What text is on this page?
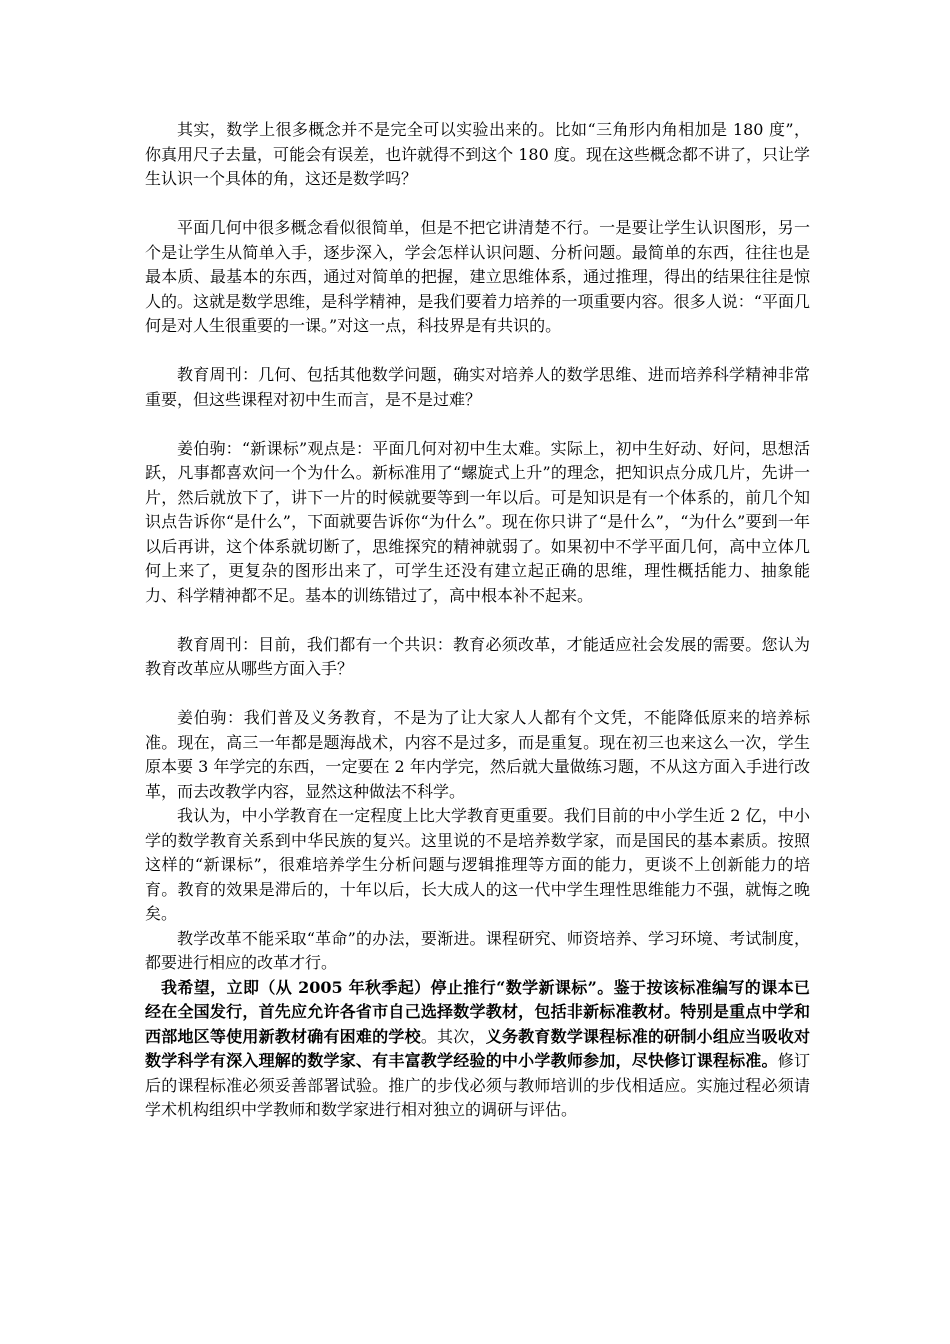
其实，数学上很多概念并不是完全可以实验出来的。比如“三角形内角相加是 180 度”，你真用尺子去量，可能会有误差，也许就得不到这个 180 度。现在这些概念都不讲了，只让学生认识一个具体的角，这还是数学吗？

平面几何中很多概念看似很简单，但是不把它讲清楚不行。一是要让学生认识图形，另一个是让学生从简单入手，逐步深入，学会怎样认识问题、分析问题。最简单的东西，往往也是最本质、最基本的东西，通过对简单的把握，建立思维体系，通过推理，得出的结果往往是惊人的。这就是数学思维，是科学精神，是我们要着力培养的一项重要内容。很多人说：“平面几何是对人生很重要的一课。”对这一点，科技界是有共识的。

教育周刊：几何、包括其他数学问题，确实对培养人的数学思维、进而培养科学精神非常重要，但这些课程对初中生而言，是不是过难？

姜伯驹：“新课标”观点是：平面几何对初中生太难。实际上，初中生好动、好问，思想活跃，凡事都喜欢问一个为什么。新标准用了“螺旋式上升”的理念，把知识点分成几片，先讲一片，然后就放下了，讲下一片的时候就要等到一年以后。可是知识是有一个体系的，前几个知识点告诉你“是什么”，下面就要告诉你“为什么”。现在你只讲了“是什么”，“为什么”要到一年以后再讲，这个体系就切断了，思维探究的精神就弱了。如果初中不学平面几何，高中立体几何上来了，更复杂的图形出来了，可学生还没有建立起正确的思维，理性概括能力、抽象能力、科学精神都不足。基本的训练错过了，高中根本补不起来。

教育周刊：目前，我们都有一个共识：教育必须改革，才能适应社会发展的需要。您认为教育改革应从哪些方面入手？

姜伯驹：我们普及义务教育，不是为了让大家人人都有个文凭，不能降低原来的培养标准。现在，高三一年都是题海战术，内容不是过多，而是重复。现在初三也来这么一次，学生原本要 3 年学完的东西，一定要在 2 年内学完，然后就大量做练习题，不从这方面入手进行改革，而去改教学内容，显然这种做法不科学。

我认为，中小学教育在一定程度上比大学教育更重要。我们目前的中小学生近 2 亿，中小学的数学教育关系到中华民族的复兴。这里说的不是培养数学家，而是国民的基本素质。按照这样的“新课标”，很难培养学生分析问题与逻辑推理等方面的能力，更谈不上创新能力的培育。教育的效果是滞后的，十年以后，长大成人的这一代中学生理性思维能力不强，就悔之晚矣。

教学改革不能采取“革命”的办法，要渐进。课程研究、师资培养、学习环境、考试制度，都要进行相应的改革才行。

我希望，立即（从 2005 年秋季起）停止推行“数学新课标”。鉴于按该标准编写的课本已经在全国发行，首先应允许各省市自己选择数学教材，包括非新标准教材。特别是重点中学和西部地区等使用新教材确有困难的学校。其次，义务教育数学课程标准的研制小组应当吸收对数学科学有深入理解的数学家、有丰富教学经验的中小学教师参加，尽快修订课程标准。修订后的课程标准必须妥善部署试验。推广的步伐必须与教师培训的步伐相适应。实施过程必须请学术机构组织中学教师和数学家进行相对独立的调研与评估。
